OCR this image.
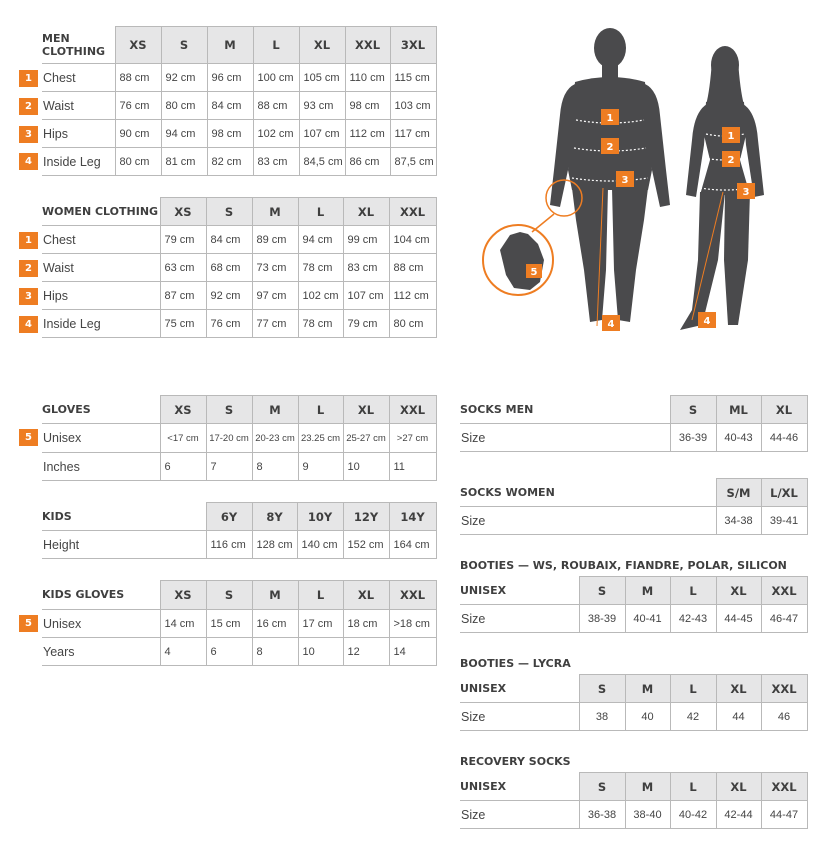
1
2
3
4
MEN
CLOTHING	XS	S	M	L	XL	XXL	3XL
Chest	88 cm	92 cm	96 cm	100 cm	105 cm	110 cm	115 cm
Waist	76 cm	80 cm	84 cm	88 cm	93 cm	98 cm	103 cm
Hips	90 cm	94 cm	98 cm	102 cm	107 cm	112 cm	117 cm
Inside Leg	80 cm	81 cm	82 cm	83 cm	84,5 cm	86 cm	87,5 cm
1
2
3
4
WOMEN CLOTHING	XS	S	M	L	XL	XXL
Chest	79 cm	84 cm	89 cm	94 cm	99 cm	104 cm
Waist	63 cm	68 cm	73 cm	78 cm	83 cm	88 cm
Hips	87 cm	92 cm	97 cm	102 cm	107 cm	112 cm
Inside Leg	75 cm	76 cm	77 cm	78 cm	79 cm	80 cm
1
2
3
4
1
2
3
4
5
5
GLOVES	XS	S	M	L	XL	XXL
Unisex	<17 cm	17-20 cm	20-23 cm	23.25 cm	25-27 cm	>27 cm
Inches	6	7	8	9	10	11
KIDS	6Y	8Y	10Y	12Y	14Y
Height	116 cm	128 cm	140 cm	152 cm	164 cm
5
KIDS GLOVES	XS	S	M	L	XL	XXL
Unisex	14 cm	15 cm	16 cm	17 cm	18 cm	>18 cm
Years	4	6	8	10	12	14
SOCKS MEN	S	ML	XL
Size	36-39	40-43	44-46
SOCKS WOMEN	S/M	L/XL
Size	34-38	39-41
BOOTIES — WS, ROUBAIX, FIANDRE, POLAR, SILICON
UNISEX	S	M	L	XL	XXL
Size	38-39	40-41	42-43	44-45	46-47
BOOTIES — LYCRA
UNISEX	S	M	L	XL	XXL
Size	38	40	42	44	46
RECOVERY SOCKS
UNISEX	S	M	L	XL	XXL
Size	36-38	38-40	40-42	42-44	44-47
